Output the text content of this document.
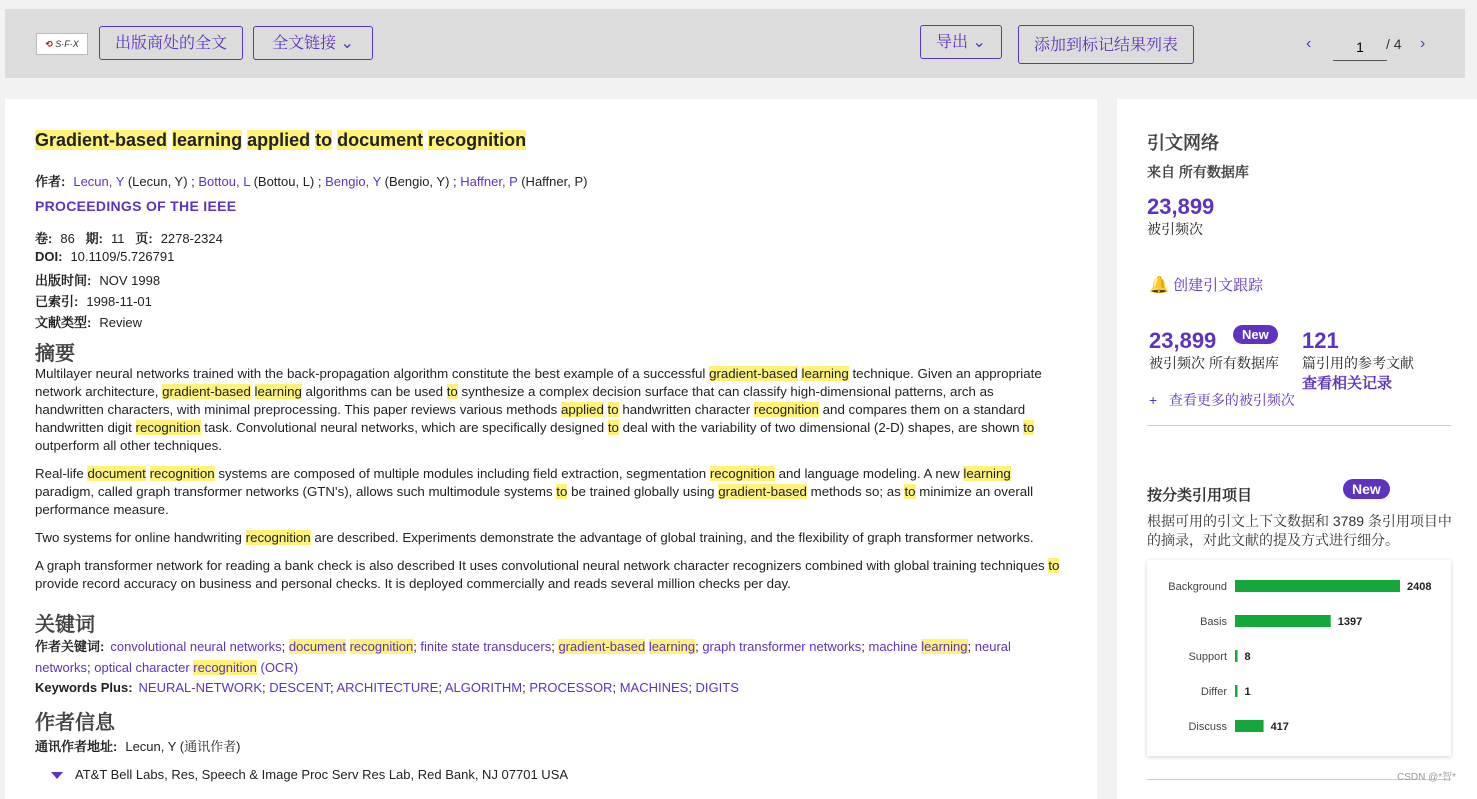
⟲ S·F·X	出版商处的全文	全文链接 ⌄	导出 ⌄	添加到标记结果列表	‹
1	/ 4 ›
Gradient-based learning applied to document recognition
作者: Lecun, Y (Lecun, Y) ; Bottou, L (Bottou, L) ; Bengio, Y (Bengio, Y) ; Haffner, P (Haffner, P)
PROCEEDINGS OF THE IEEE
卷: 86 期: 11 页: 2278-2324
DOI: 10.1109/5.726791
出版时间: NOV 1998
已索引: 1998-11-01
文献类型: Review
摘要

Multilayer neural networks trained with the back-propagation algorithm constitute the best example of a successful gradient-based learning technique. Given an appropriate network architecture, gradient-based learning algorithms can be used to synthesize a complex decision surface that can classify high-dimensional patterns, arch as handwritten characters, with minimal preprocessing. This paper reviews various methods applied to handwritten character recognition and compares them on a standard handwritten digit recognition task. Convolutional neural networks, which are specifically designed to deal with the variability of two dimensional (2-D) shapes, are shown to outperform all other techniques.

Real-life document recognition systems are composed of multiple modules including field extraction, segmentation recognition and language modeling. A new learning paradigm, called graph transformer networks (GTN's), allows such multimodule systems to be trained globally using gradient-based methods so; as to minimize an overall performance measure.

Two systems for online handwriting recognition are described. Experiments demonstrate the advantage of global training, and the flexibility of graph transformer networks.

A graph transformer network for reading a bank check is also described It uses convolutional neural network character recognizers combined with global training techniques to provide record accuracy on business and personal checks. It is deployed commercially and reads several million checks per day.

关键词
作者关键词: convolutional neural networks; document recognition; finite state transducers; gradient-based learning; graph transformer networks; machine learning; neural networks; optical character recognition (OCR)
Keywords Plus: NEURAL-NETWORK; DESCENT; ARCHITECTURE; ALGORITHM; PROCESSOR; MACHINES; DIGITS
作者信息
通讯作者地址: Lecun, Y (通讯作者)
AT&T Bell Labs, Res, Speech & Image Proc Serv Res Lab, Red Bank, NJ 07701 USA
引文网络
来自 所有数据库
23,899
被引频次
🔔 创建引文跟踪
23,899	New
被引频次 所有数据库
121
篇引用的参考文献
查看相关记录
+ 查看更多的被引频次
按分类引用项目	New
根据可用的引文上下文数据和 3789 条引用项目中的摘录，对此文献的提及方式进行细分。
Background	2408
Basis	1397
Support 8
Differ 1
Discuss	417
CSDN @*智*
